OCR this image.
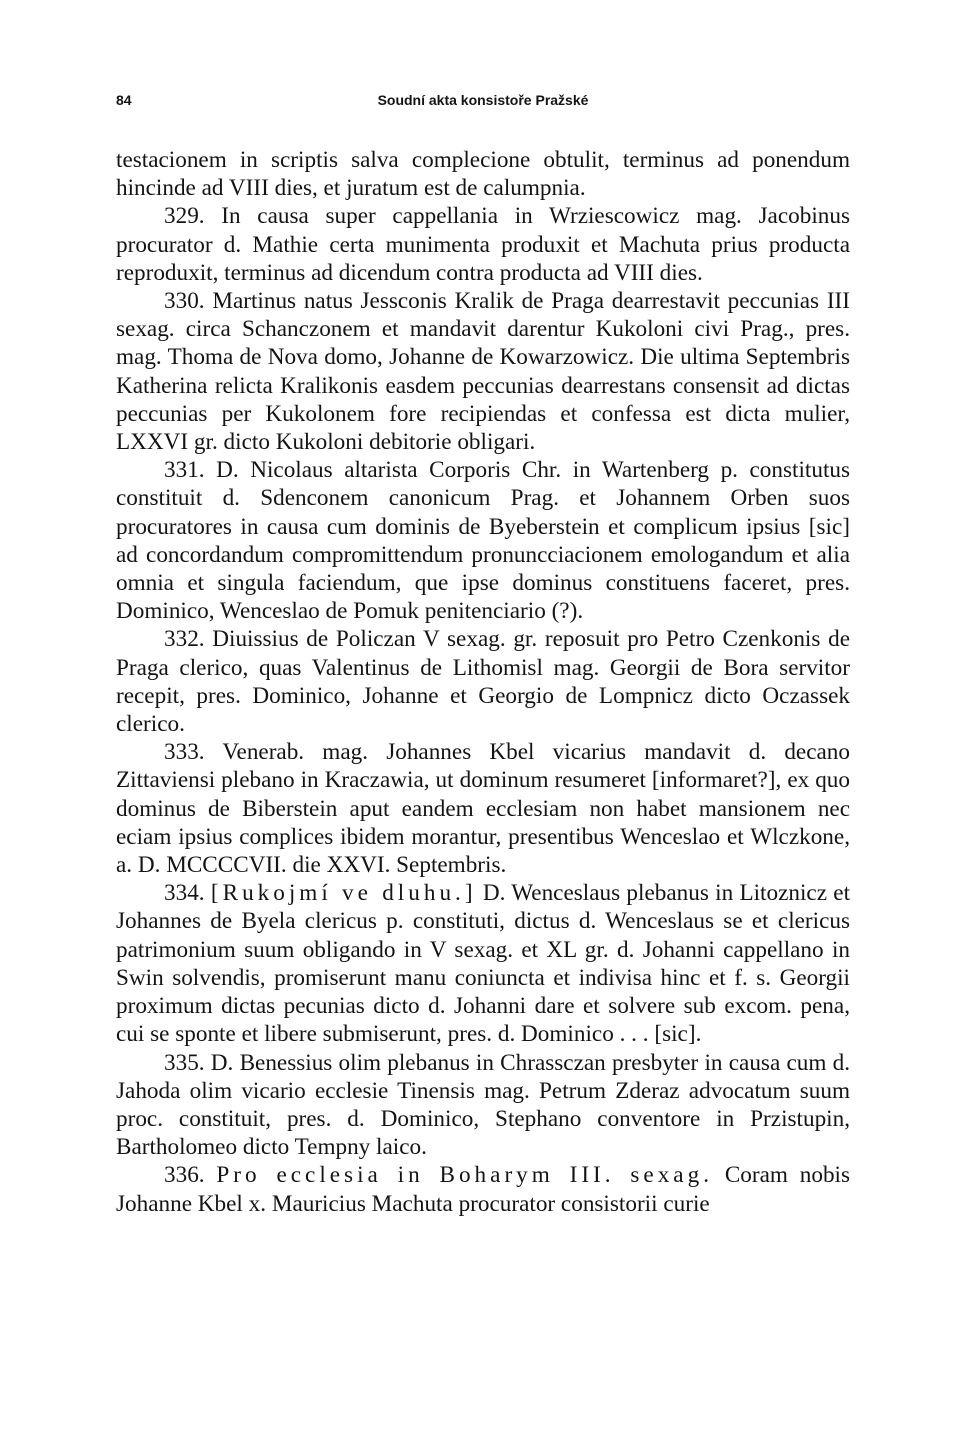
84	Soudní akta konsistoře Pražské

testacionem in scriptis salva complecione obtulit, terminus ad ponendum hincinde ad VIII dies, et juratum est de calumpnia.

329. In causa super cappellania in Wrziescowicz mag. Jacobinus procurator d. Mathie certa munimenta produxit et Machuta prius producta reproduxit, terminus ad dicendum contra producta ad VIII dies.

330. Martinus natus Jessconis Kralik de Praga dearrestavit peccunias III sexag. circa Schanczonem et mandavit darentur Kukoloni civi Prag., pres. mag. Thoma de Nova domo, Johanne de Kowarzowicz. Die ultima Septembris Katherina relicta Kralikonis easdem peccunias dearrestans consensit ad dictas peccunias per Kukolonem fore recipiendas et confessa est dicta mulier, LXXVI gr. dicto Kukoloni debitorie obligari.

331. D. Nicolaus altarista Corporis Chr. in Wartenberg p. constitutus constituit d. Sdenconem canonicum Prag. et Johannem Orben suos procuratores in causa cum dominis de Byeberstein et complicum ipsius [sic] ad concordandum compromittendum pronuncciacionem emologandum et alia omnia et singula faciendum, que ipse dominus constituens faceret, pres. Dominico, Wenceslao de Pomuk penitenciario (?).

332. Diuissius de Policzan V sexag. gr. reposuit pro Petro Czenkonis de Praga clerico, quas Valentinus de Lithomisl mag. Georgii de Bora servitor recepit, pres. Dominico, Johanne et Georgio de Lompnicz dicto Oczassek clerico.

333. Venerab. mag. Johannes Kbel vicarius mandavit d. decano Zittaviensi plebano in Kraczawia, ut dominum resumeret [informaret?], ex quo dominus de Biberstein aput eandem ecclesiam non habet mansionem nec eciam ipsius complices ibidem morantur, presentibus Wenceslao et Wlczkone, a. D. MCCCCVII. die XXVI. Septembris.

334. [Rukojmí ve dluhu.] D. Wenceslaus plebanus in Litoznicz et Johannes de Byela clericus p. constituti, dictus d. Wenceslaus se et clericus patrimonium suum obligando in V sexag. et XL gr. d. Johanni cappellano in Swin solvendis, promiserunt manu coniuncta et indivisa hinc et f. s. Georgii proximum dictas pecunias dicto d. Johanni dare et solvere sub excom. pena, cui se sponte et libere submiserunt, pres. d. Dominico . . . [sic].

335. D. Benessius olim plebanus in Chrassczan presbyter in causa cum d. Jahoda olim vicario ecclesie Tinensis mag. Petrum Zderaz advocatum suum proc. constituit, pres. d. Dominico, Stephano conventore in Przistupin, Bartholomeo dicto Tempny laico.

336. Pro ecclesia in Boharym III. sexag. Coram nobis Johanne Kbel x. Mauricius Machuta procurator consistorii curie
